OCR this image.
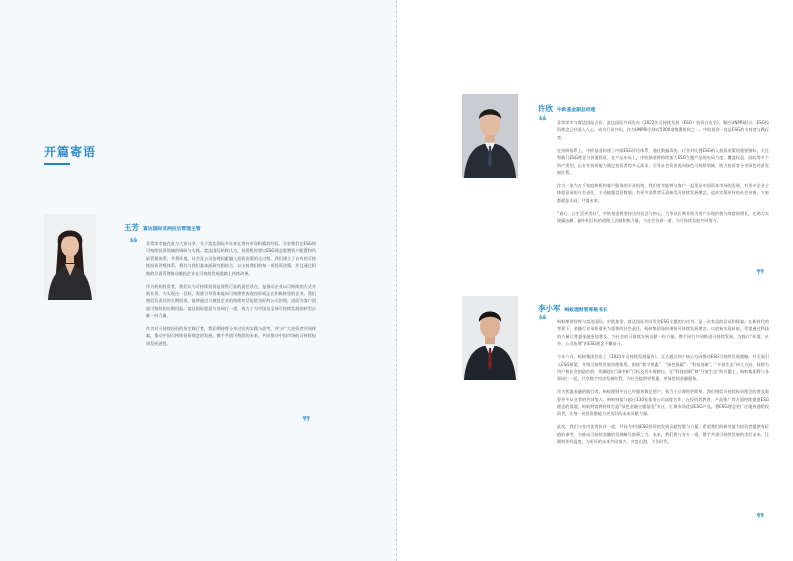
开篇寄语
王芳 富达国际亚洲投后管理主管
❝ 非常荣幸能在此与大家分享，关于富达国际多年来在海外市场积累的经验。分享我们在ESG和可持续投资领域的调研与实践。富达国际始终认为，投资机构要以ESG理念重塑资产配置和风险管理体系，并将环境、社会及公司治理因素融入投资决策的全过程。我们建立了自有的可持续投资评级体系，将其与我们基本面研究相结合，以支持我们的每一项投资决策，并且通过积极的尽责管理推动被投企业在可持续发展道路上持续改善。

作为机构投资者，我们认为可持续投资是资管行业的责任所在，是推动企业以可持续的方式开展业务、为实现这一目标，需要引导资本流向可持续性表现良好或正在积极转型的企业。我们相信负责任的长期投资，能够通过与被投企业的持续对话促进良好的公司治理，进而为客户创造可持续的长期回报。富达国际愿意与各同行一道，致力于为中国及全球可持续发展的转型贡献一份力量。

作为对可持续投资的坚定践行者，我们期待将分享过往的实践与思考，并与广大投资者共同探索，推动中国可持续投资理念的发展，携手共创可持续的未来，共同推动中国市场的可持续投资发展进程。

❞
许欣 中欧基金副总经理
❝ 非常荣幸与富达国际合作，富达国际共同发布《2022年可持续发展（ESG）投资白皮书》。顺应UNPRI倡议，ESG投资理念已经深入人心，成为行业共识。作为UNPRI全球近5000家签署机构之一，中欧基金一直是ESG的支持者与践行者。

在投研体系上，中欧基金构建了内部ESG评估体系，通过数据清洗、行业对比将ESG纳入投资决策的重要指标，关注和践行ESG理念与价值投资。在产品布局上，中欧基金将持续加大ESG主题产品的布局力度，覆盖权益、固收等多个资产类别，以专业投资能力满足投资者的多元需求，引导社会资金流向绿色可持续领域，助力投资者分享绿色经济发展红利。

作为一家为万千家庭和机构客户服务的专业机构，我们有幸能够与客户一起见证中国资本市场的发展，有更多企业主体愿意承担社会责任，主动披露信息数据；有更多消费者乐意接受可持续发展理念，追求实现更好的社会价值，大家都愿意认同，共谋未来。

“真心、让生活更美好”，中欧基金将坚持这份信念与初心，力争以长期业绩为用户实现价值与财富的增长，在助力实现碳达峰、碳中和目标的道路上贡献积极力量，与社会各界一道，为可持续发展共同努力。

❞
李小军 蚂蚁理财智库秘书长
❝ 蚂蚁理财智库与富达国际、中欧基金，富达国际共同发布ESG主题的白皮书，是一次有益的尝试和探索。在新时代的背景下，金融行业承担着更为重要的社会责任，蚂蚁集团始终秉持可持续发展理念，以创新实现价值，希望通过科技的力量让普惠金融更加普及，为社会的可持续发展贡献一份力量，携手同行共同推进可持续发展，为践行“环境、社会、公司治理”的ESG理念不懈奋斗。

今年六月，蚂蚁集团发布了《2021年可持续发展报告》，正式通过四个核心方向推动ESG可持续发展战略，并全面引入ESG框架，升级可持续发展治理体系。围绕“数字普惠”、“绿色低碳”、“科技创新”、“开放生态”四大方向，持续为用户和社会创造价值，明确提出“碳中和”目标及其实现路径。在“科技创新”和“开放生态”的议题上，蚂蚁集团将与各界同仁一起，共享数字经济发展红利，为社会提供更普惠、更绿色的金融服务。

作为普惠金融的践行者，蚂蚁理财平台已经服务数亿用户，致力于让理财更简单。我们相信可持续投资理念的普及需要更多从业者的共同努力。蚂蚁财富与超过130家基金公司深度合作，在投资者教育、产品推广等方面持续推进ESG理念的落地。蚂蚁财富将持续打造“绿色金融主题基金”专区，汇聚市场优质ESG产品，将ESG理念更广泛地传递给投资者，让每一份投资都能为更美好的未来贡献力量。

此次，我们与业内优秀伙伴一道，共同为中国ESG投资的发展贡献智慧与力量，希望我们的研究能为投资者提供有价值的参考，为推动可持续金融的发展略尽绵薄之力。未来，我们将与各方一道，携手共建可持续发展的美好未来，让理财更有温度，为更好的未来共同努力，共赴山海，不负时代。

❞
